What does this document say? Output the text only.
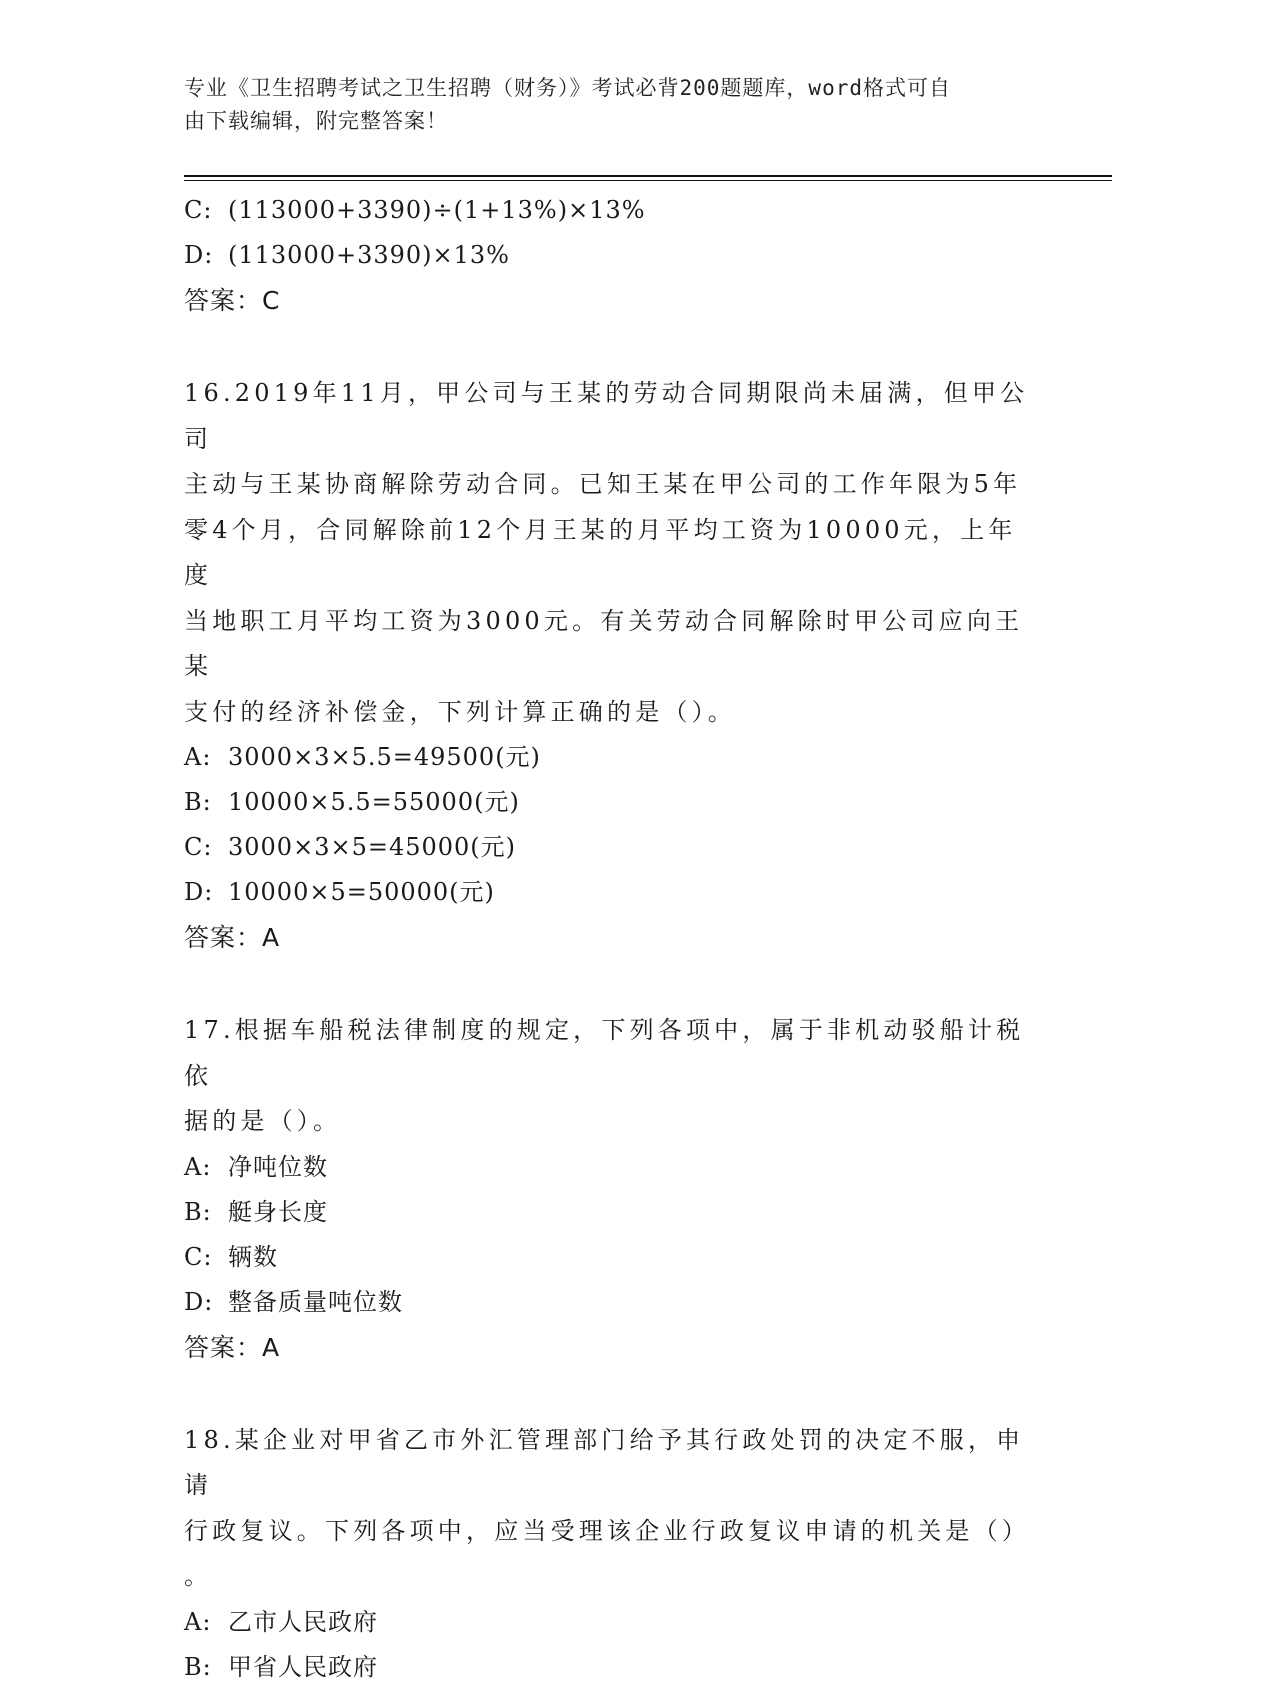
专业《卫生招聘考试之卫生招聘（财务）》考试必背200题题库，word格式可自
由下载编辑，附完整答案！
C: (113000+3390)÷(1+13%)×13%
D: (113000+3390)×13%
答案：C
16.2019年11月，甲公司与王某的劳动合同期限尚未届满，但甲公司
主动与王某协商解除劳动合同。已知王某在甲公司的工作年限为5年
零4个月，合同解除前12个月王某的月平均工资为10000元，上年度
当地职工月平均工资为3000元。有关劳动合同解除时甲公司应向王某
支付的经济补偿金，下列计算正确的是（）。
A: 3000×3×5.5=49500(元)
B: 10000×5.5=55000(元)
C: 3000×3×5=45000(元)
D: 10000×5=50000(元)
答案：A
17.根据车船税法律制度的规定，下列各项中，属于非机动驳船计税依
据的是（）。
A: 净吨位数
B: 艇身长度
C: 辆数
D: 整备质量吨位数
答案：A
18.某企业对甲省乙市外汇管理部门给予其行政处罚的决定不服，申请
行政复议。下列各项中，应当受理该企业行政复议申请的机关是（）
。
A: 乙市人民政府
B: 甲省人民政府
